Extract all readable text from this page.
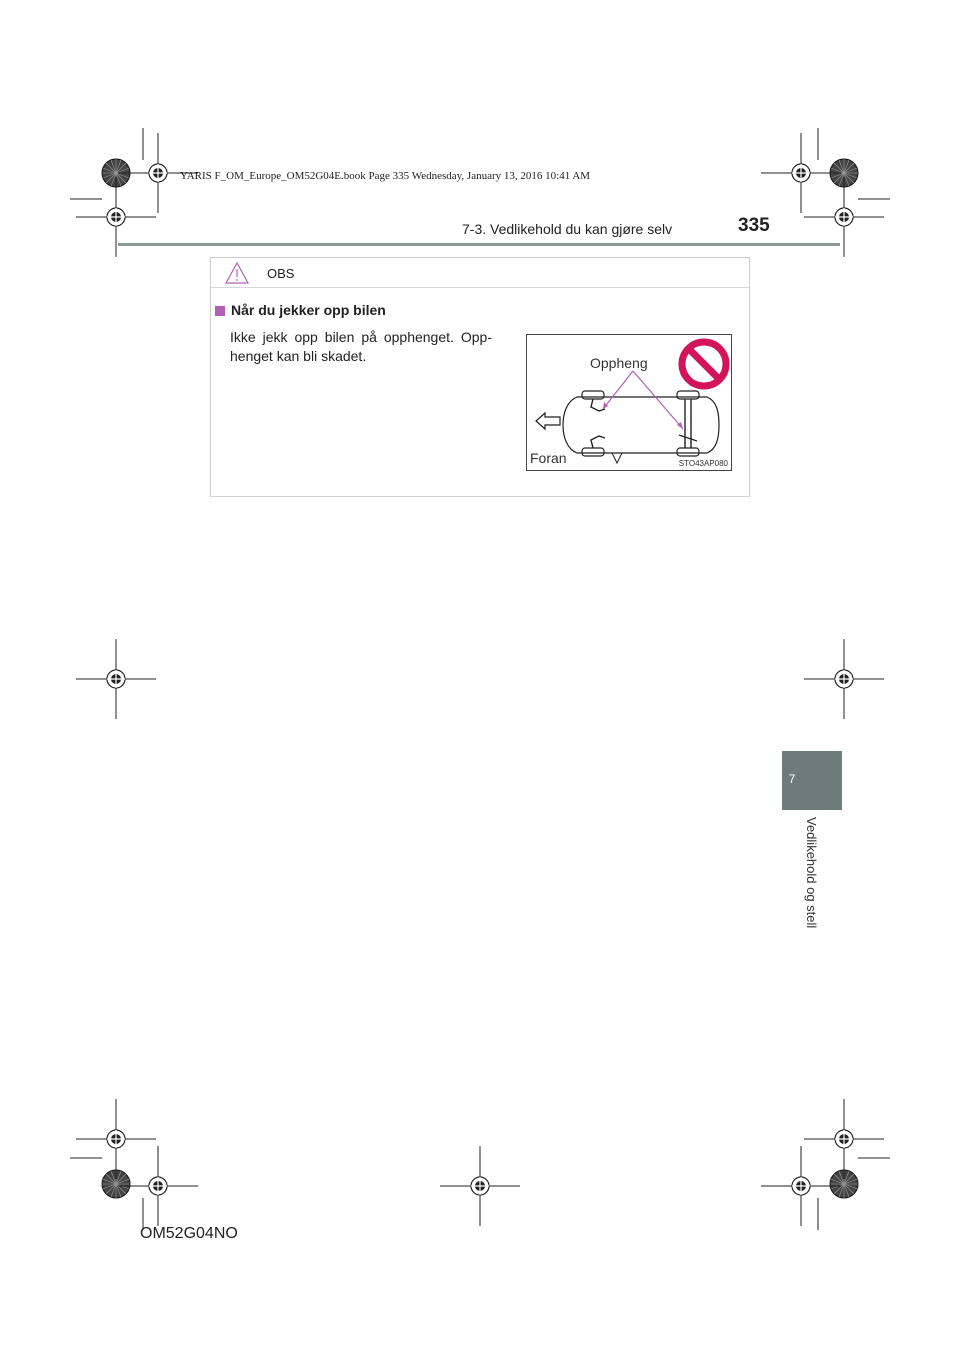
YARIS F_OM_Europe_OM52G04E.book Page 335 Wednesday, January 13, 2016 10:41 AM
7-3. Vedlikehold du kan gjøre selv	335
7
Vedlikehold og stell
OBS
Når du jekker opp bilen
Ikke jekk opp bilen på opphenget. Opp-henget kan bli skadet.	Oppheng
Foran	STO43AP080
OM52G04NO
